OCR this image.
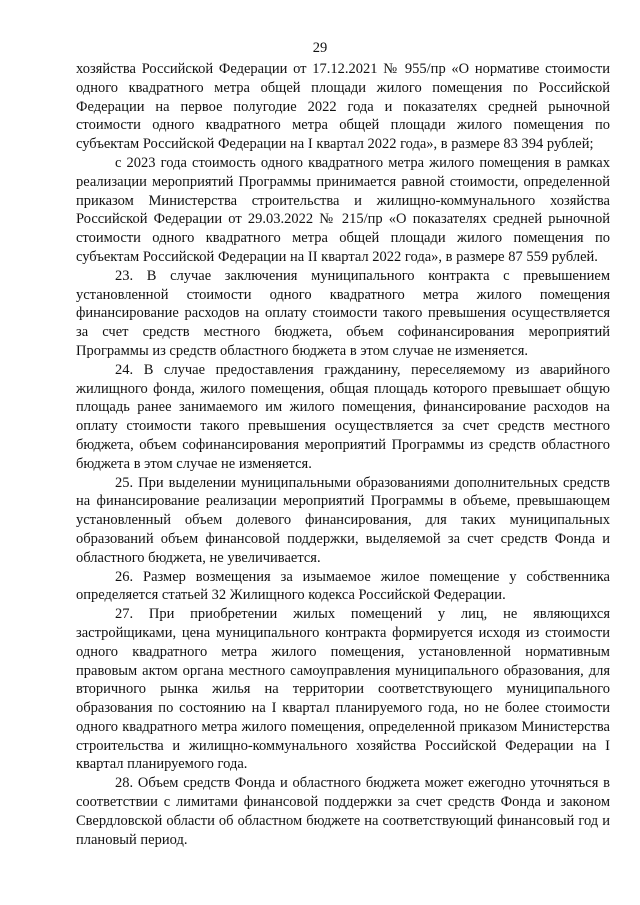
29

хозяйства Российской Федерации от 17.12.2021 № 955/пр «О нормативе стоимости одного квадратного метра общей площади жилого помещения по Российской Федерации на первое полугодие 2022 года и показателях средней рыночной стоимости одного квадратного метра общей площади жилого помещения по субъектам Российской Федерации на I квартал 2022 года», в размере 83 394 рублей;

с 2023 года стоимость одного квадратного метра жилого помещения в рамках реализации мероприятий Программы принимается равной стоимости, определенной приказом Министерства строительства и жилищно-коммунального хозяйства Российской Федерации от 29.03.2022 № 215/пр «О показателях средней рыночной стоимости одного квадратного метра общей площади жилого помещения по субъектам Российской Федерации на II квартал 2022 года», в размере 87 559 рублей.

23. В случае заключения муниципального контракта с превышением установленной стоимости одного квадратного метра жилого помещения финансирование расходов на оплату стоимости такого превышения осуществляется за счет средств местного бюджета, объем софинансирования мероприятий Программы из средств областного бюджета в этом случае не изменяется.

24. В случае предоставления гражданину, переселяемому из аварийного жилищного фонда, жилого помещения, общая площадь которого превышает общую площадь ранее занимаемого им жилого помещения, финансирование расходов на оплату стоимости такого превышения осуществляется за счет средств местного бюджета, объем софинансирования мероприятий Программы из средств областного бюджета в этом случае не изменяется.

25. При выделении муниципальными образованиями дополнительных средств на финансирование реализации мероприятий Программы в объеме, превышающем установленный объем долевого финансирования, для таких муниципальных образований объем финансовой поддержки, выделяемой за счет средств Фонда и областного бюджета, не увеличивается.

26. Размер возмещения за изымаемое жилое помещение у собственника определяется статьей 32 Жилищного кодекса Российской Федерации.

27. При приобретении жилых помещений у лиц, не являющихся застройщиками, цена муниципального контракта формируется исходя из стоимости одного квадратного метра жилого помещения, установленной нормативным правовым актом органа местного самоуправления муниципального образования, для вторичного рынка жилья на территории соответствующего муниципального образования по состоянию на I квартал планируемого года, но не более стоимости одного квадратного метра жилого помещения, определенной приказом Министерства строительства и жилищно-коммунального хозяйства Российской Федерации на I квартал планируемого года.

28. Объем средств Фонда и областного бюджета может ежегодно уточняться в соответствии с лимитами финансовой поддержки за счет средств Фонда и законом Свердловской области об областном бюджете на соответствующий финансовый год и плановый период.
